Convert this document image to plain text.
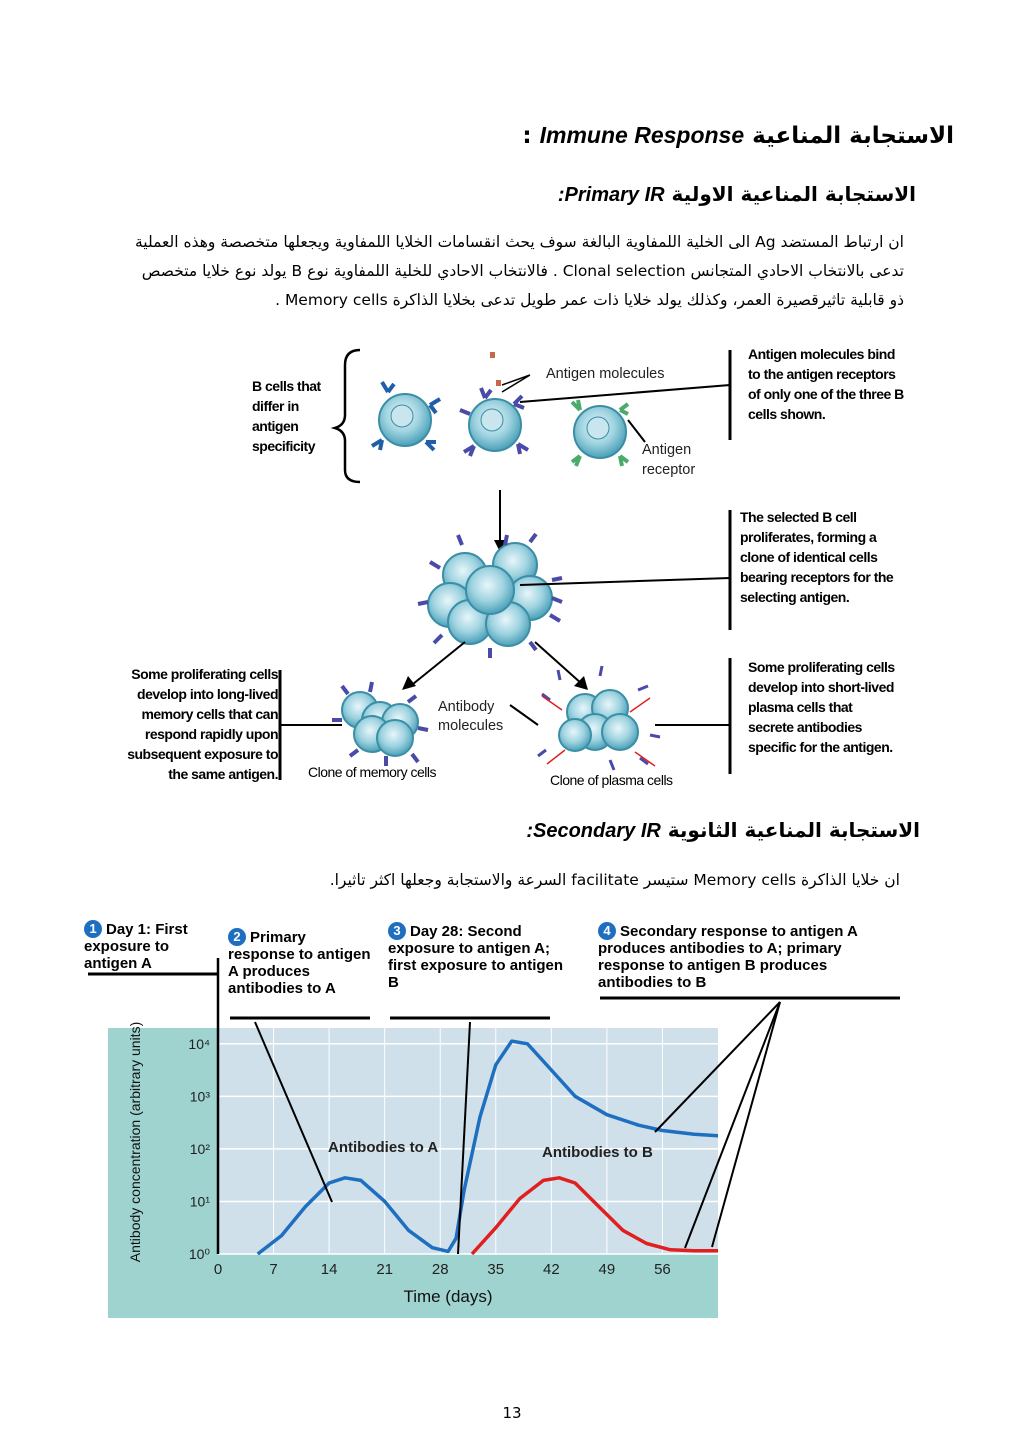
الاستجابة المناعية Immune Response :
الاستجابة المناعية الاولية :Primary IR

ان ارتباط المستضد Ag الى الخلية اللمفاوية البالغة سوف يحث انقسامات الخلايا اللمفاوية ويجعلها متخصصة وهذه العملية

تدعى بالانتخاب الاحادي المتجانس Clonal selection . فالانتخاب الاحادي للخلية اللمفاوية نوع B يولد نوع خلايا متخصص

ذو قابلية تاثيرقصيرة العمر، وكذلك يولد خلايا ذات عمر طويل تدعى بخلايا الذاكرة Memory cells .

B cells that differ in antigen specificity
Antigen molecules
Antigen receptor
Antigen molecules bind to the antigen receptors of only one of the three B cells shown.
The selected B cell proliferates, forming a clone of identical cells bearing receptors for the selecting antigen.
Some proliferating cells develop into short-lived plasma cells that secrete antibodies specific for the antigen.
Some proliferating cells develop into long-lived memory cells that can respond rapidly upon subsequent exposure to the same antigen.
Antibody molecules
Clone of memory cells	Clone of plasma cells
الاستجابة المناعية الثانوية :Secondary IR

ان خلايا الذاكرة Memory cells ستيسر facilitate السرعة والاستجابة وجعلها اكثر تاثيرا.

10⁰
10¹
10²
10³
10⁴
0	7	14	21	28	35	42	49	56
Time (days)
Antibody concentration (arbitrary units)	Antibodies to A	Antibodies to B
1 Day 1: First exposure to antigen A
2 Primary response to antigen A produces antibodies to A
3 Day 28: Second exposure to antigen A; first exposure to antigen B
4 Secondary response to antigen A produces antibodies to A; primary response to antigen B produces antibodies to B
13
